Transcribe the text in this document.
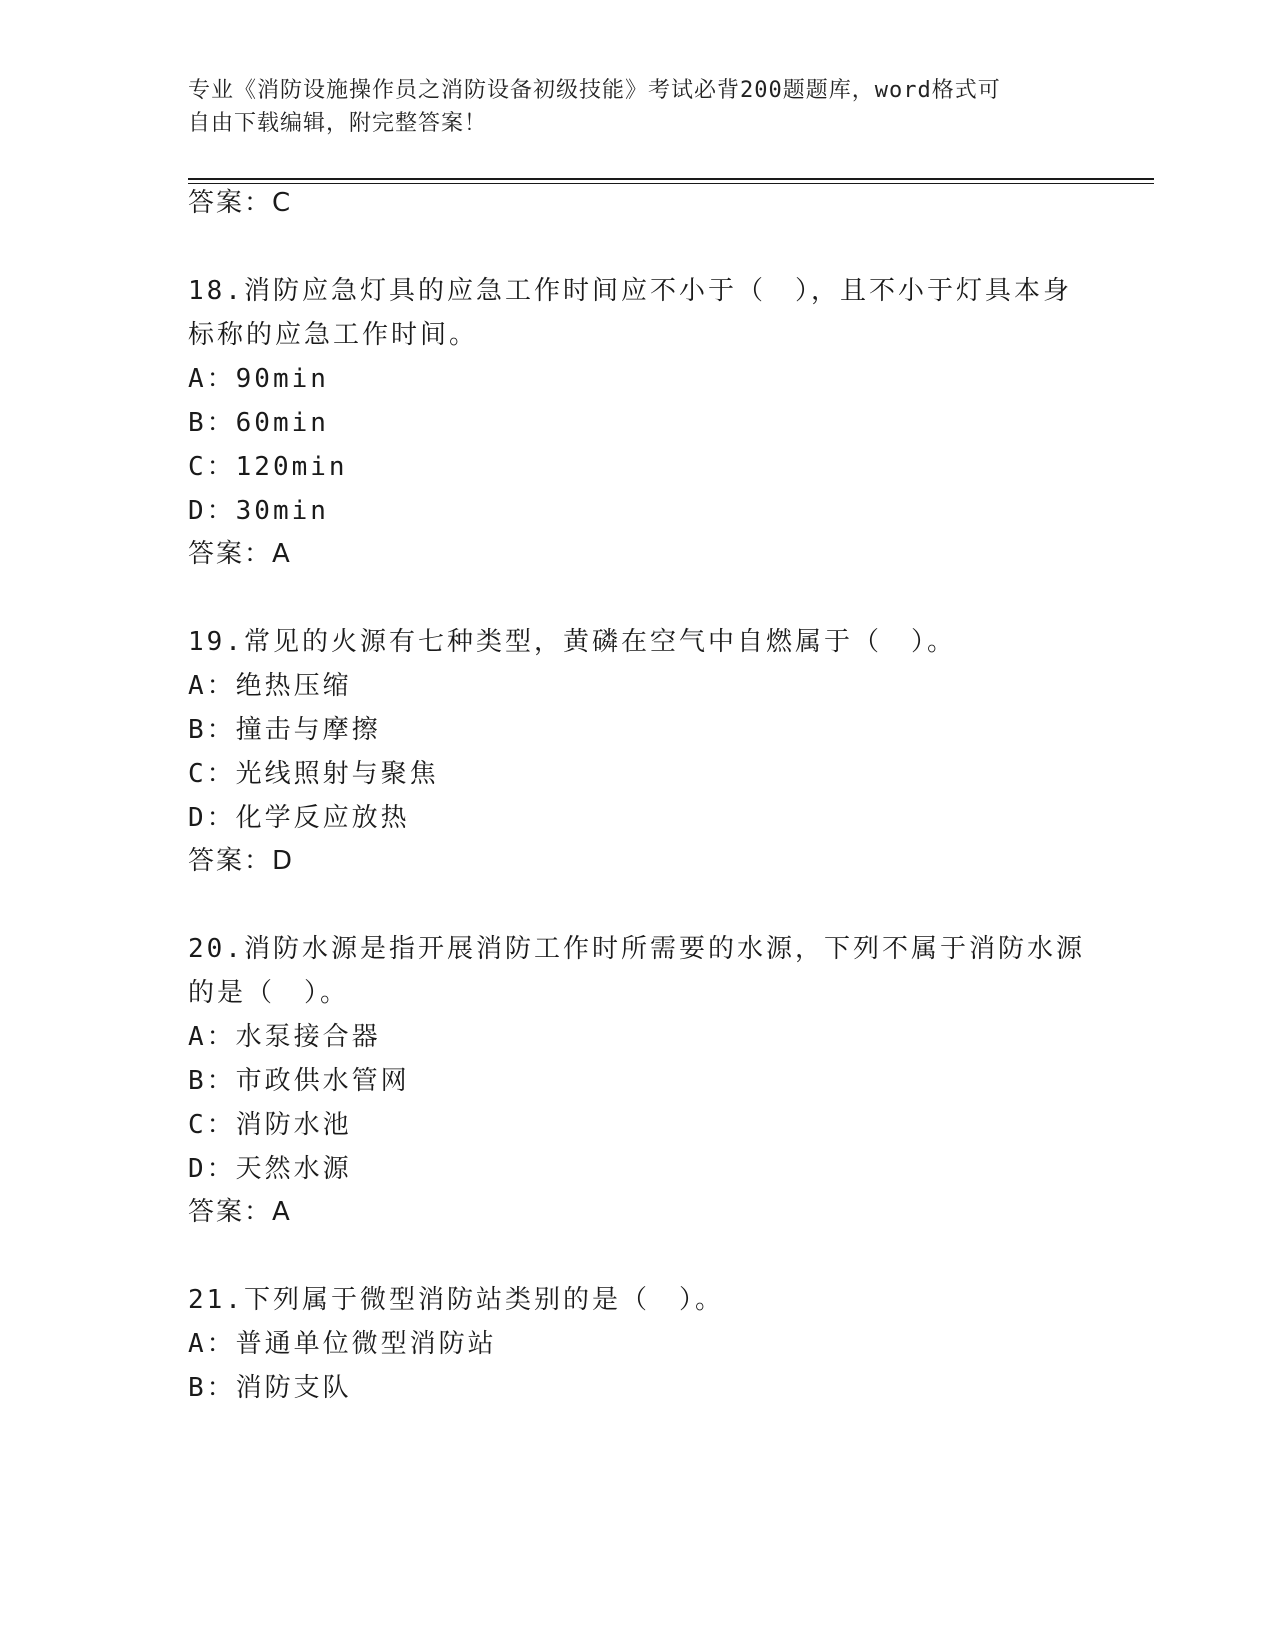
专业《消防设施操作员之消防设备初级技能》考试必背200题题库，word格式可
自由下载编辑，附完整答案！
答案：C
18.消防应急灯具的应急工作时间应不小于（　），且不小于灯具本身
标称的应急工作时间。
A：90min
B：60min
C：120min
D：30min
答案：A
19.常见的火源有七种类型，黄磷在空气中自燃属于（　）。
A：绝热压缩
B：撞击与摩擦
C：光线照射与聚焦
D：化学反应放热
答案：D
20.消防水源是指开展消防工作时所需要的水源，下列不属于消防水源
的是（　）。
A：水泵接合器
B：市政供水管网
C：消防水池
D：天然水源
答案：A
21.下列属于微型消防站类别的是（　）。
A：普通单位微型消防站
B：消防支队
